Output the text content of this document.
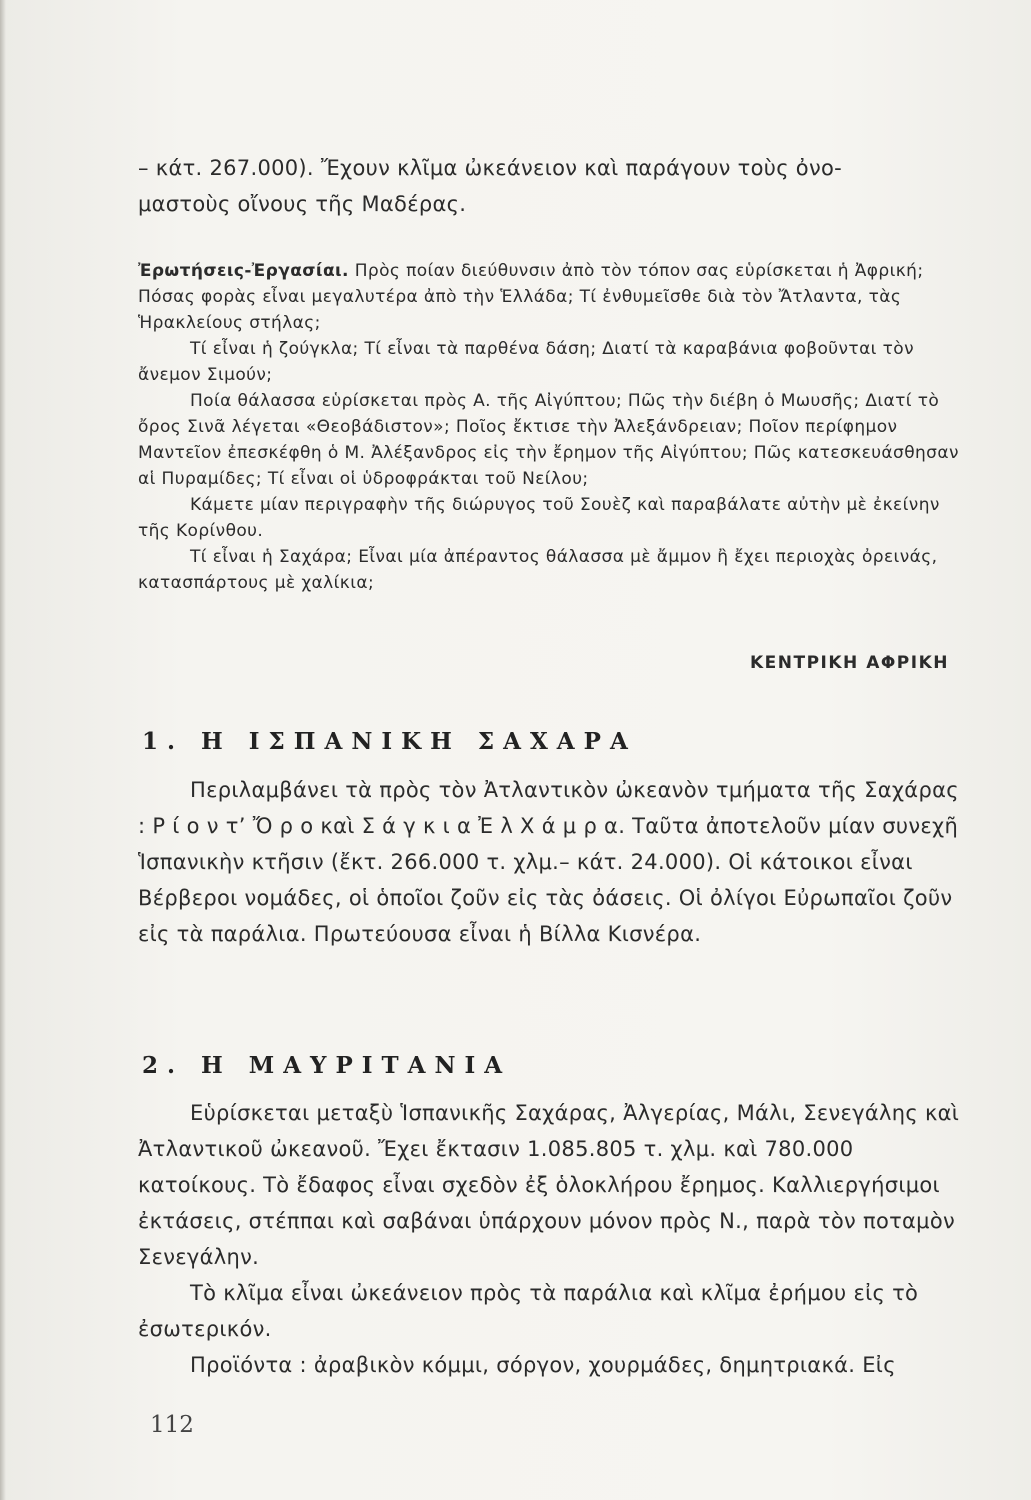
– κάτ. 267.000). Ἔχουν κλῖμα ὠκεάνειον καὶ παράγουν τοὺς ὀνο-

μαστοὺς οἴνους τῆς Μαδέρας.

Ἐρωτήσεις-Ἐργασίαι. Πρὸς ποίαν διεύθυνσιν ἀπὸ τὸν τόπον σας εὑρίσκεται ἡ Ἀφρική; Πόσας φορὰς εἶναι μεγαλυτέρα ἀπὸ τὴν Ἑλλάδα; Τί ἐνθυμεῖσθε διὰ τὸν Ἄτλαντα, τὰς Ἡρακλείους στήλας;

Τί εἶναι ἡ ζούγκλα; Τί εἶναι τὰ παρθένα δάση; Διατί τὰ καραβάνια φοβοῦνται τὸν ἄνεμον Σιμούν;

Ποία θάλασσα εὑρίσκεται πρὸς Α. τῆς Αἰγύπτου; Πῶς τὴν διέβη ὁ Μωυσῆς; Διατί τὸ ὄρος Σινᾶ λέγεται «Θεοβάδιστον»; Ποῖος ἔκτισε τὴν Ἀλεξάνδρειαν; Ποῖον περίφημον Μαντεῖον ἐπεσκέφθη ὁ Μ. Ἀλέξανδρος εἰς τὴν ἔρημον τῆς Αἰγύπτου; Πῶς κατεσκευάσθησαν αἱ Πυραμίδες; Τί εἶναι οἱ ὑδροφράκται τοῦ Νείλου;

Κάμετε μίαν περιγραφὴν τῆς διώρυγος τοῦ Σουὲζ καὶ παραβάλατε αὐτὴν μὲ ἐκείνην τῆς Κορίνθου.

Τί εἶναι ἡ Σαχάρα; Εἶναι μία ἀπέραντος θάλασσα μὲ ἄμμον ἢ ἔχει περιοχὰς ὀρεινάς, κατασπάρτους μὲ χαλίκια;

ΚΕΝΤΡΙΚΗ ΑΦΡΙΚΗ
1. Η ΙΣΠΑΝΙΚΗ ΣΑΧΑΡΑ

Περιλαμβάνει τὰ πρὸς τὸν Ἀτλαντικὸν ὠκεανὸν τμήματα τῆς Σαχάρας : Ρ ί ο ν τ’ Ὄ ρ ο καὶ Σ ά γ κ ι α Ἐ λ Χ ά μ ρ α. Ταῦτα ἀποτελοῦν μίαν συνεχῆ Ἱσπανικὴν κτῆσιν (ἔκτ. 266.000 τ. χλμ.– κάτ. 24.000). Οἱ κάτοικοι εἶναι Βέρβεροι νομάδες, οἱ ὁποῖοι ζοῦν εἰς τὰς ὀάσεις. Οἱ ὀλίγοι Εὐρωπαῖοι ζοῦν εἰς τὰ παράλια. Πρωτεύουσα εἶναι ἡ Βίλλα Κισνέρα.

2. Η ΜΑΥΡΙΤΑΝΙΑ

Εὑρίσκεται μεταξὺ Ἱσπανικῆς Σαχάρας, Ἀλγερίας, Μάλι, Σενεγάλης καὶ Ἀτλαντικοῦ ὠκεανοῦ. Ἔχει ἔκτασιν 1.085.805 τ. χλμ. καὶ 780.000 κατοίκους. Τὸ ἔδαφος εἶναι σχεδὸν ἐξ ὁλοκλήρου ἔρημος. Καλλιεργήσιμοι ἐκτάσεις, στέππαι καὶ σαβάναι ὑπάρχουν μόνον πρὸς Ν., παρὰ τὸν ποταμὸν Σενεγάλην.

Τὸ κλῖμα εἶναι ὠκεάνειον πρὸς τὰ παράλια καὶ κλῖμα ἐρήμου εἰς τὸ ἐσωτερικόν.

Προϊόντα : ἀραβικὸν κόμμι, σόργον, χουρμάδες, δημητριακά. Εἰς

112
